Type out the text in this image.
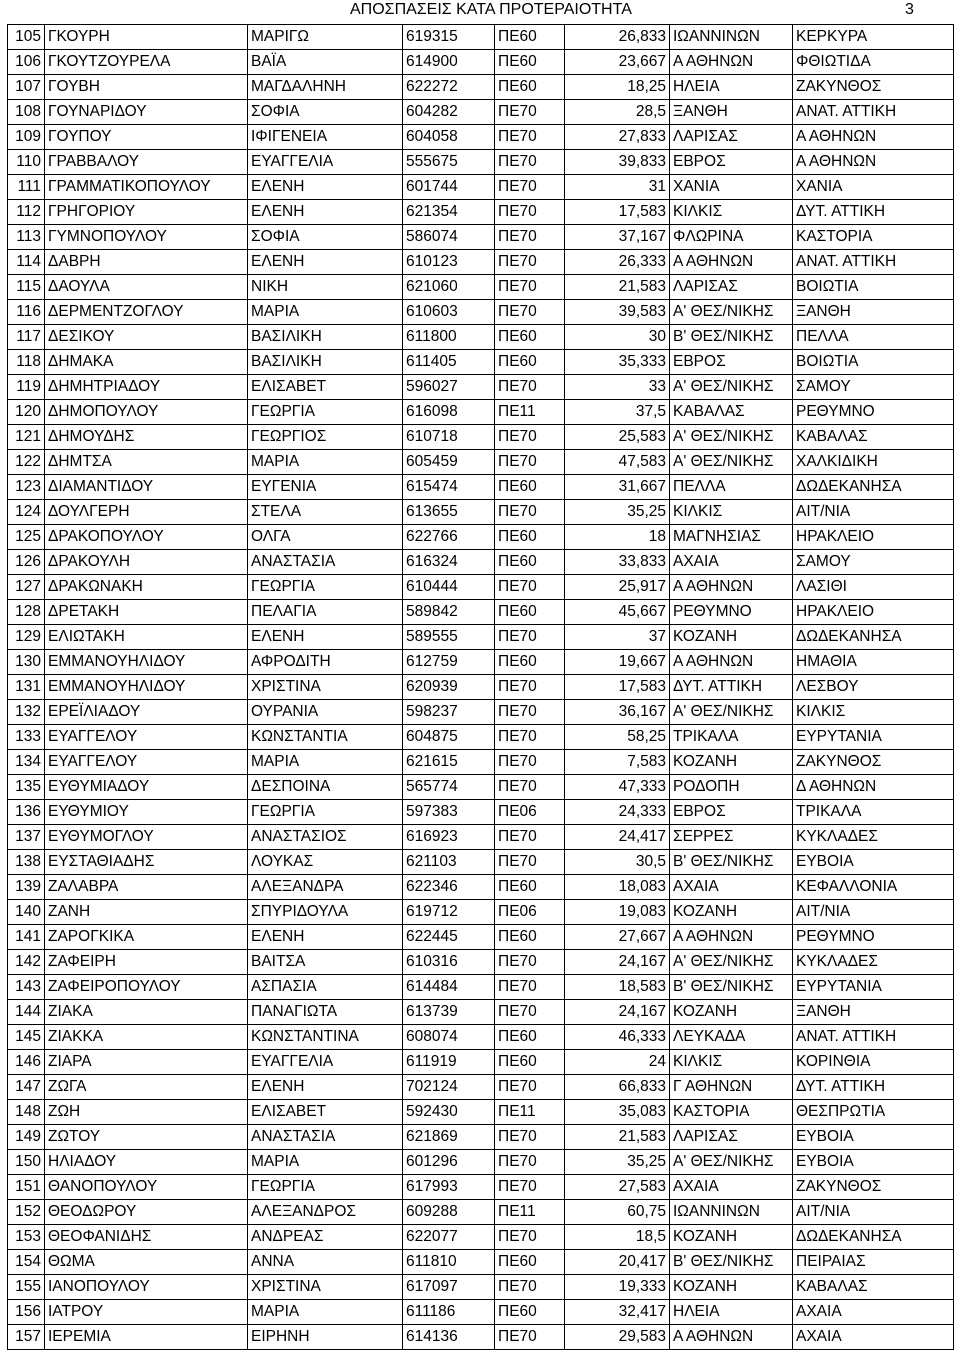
ΑΠΟΣΠΑΣΕΙΣ ΚΑΤΑ ΠΡΟΤΕΡΑΙΟΤΗΤΑ	3
105	ΓΚΟΥΡΗ	ΜΑΡΙΓΩ	619315	ΠΕ60	26,833	ΙΩΑΝΝΙΝΩΝ	ΚΕΡΚΥΡΑ
106	ΓΚΟΥΤΖΟΥΡΕΛΑ	ΒΑΪΑ	614900	ΠΕ60	23,667	Α ΑΘΗΝΩΝ	ΦΘΙΩΤΙΔΑ
107	ΓΟΥΒΗ	ΜΑΓΔΑΛΗΝΗ	622272	ΠΕ60	18,25	ΗΛΕΙΑ	ΖΑΚΥΝΘΟΣ
108	ΓΟΥΝΑΡΙΔΟΥ	ΣΟΦΙΑ	604282	ΠΕ70	28,5	ΞΑΝΘΗ	ΑΝΑΤ. ΑΤΤΙΚΗ
109	ΓΟΥΠΟΥ	ΙΦΙΓΕΝΕΙΑ	604058	ΠΕ70	27,833	ΛΑΡΙΣΑΣ	Α ΑΘΗΝΩΝ
110	ΓΡΑΒΒΑΛΟΥ	ΕΥΑΓΓΕΛΙΑ	555675	ΠΕ70	39,833	ΕΒΡΟΣ	Α ΑΘΗΝΩΝ
111	ΓΡΑΜΜΑΤΙΚΟΠΟΥΛΟΥ	ΕΛΕΝΗ	601744	ΠΕ70	31	ΧΑΝΙΑ	ΧΑΝΙΑ
112	ΓΡΗΓΟΡΙΟΥ	ΕΛΕΝΗ	621354	ΠΕ70	17,583	ΚΙΛΚΙΣ	ΔΥΤ. ΑΤΤΙΚΗ
113	ΓΥΜΝΟΠΟΥΛΟΥ	ΣΟΦΙΑ	586074	ΠΕ70	37,167	ΦΛΩΡΙΝΑ	ΚΑΣΤΟΡΙΑ
114	ΔΑΒΡΗ	ΕΛΕΝΗ	610123	ΠΕ70	26,333	Α ΑΘΗΝΩΝ	ΑΝΑΤ. ΑΤΤΙΚΗ
115	ΔΑΟΥΛΑ	ΝΙΚΗ	621060	ΠΕ70	21,583	ΛΑΡΙΣΑΣ	ΒΟΙΩΤΙΑ
116	ΔΕΡΜΕΝΤΖΟΓΛΟΥ	ΜΑΡΙΑ	610603	ΠΕ70	39,583	Α' ΘΕΣ/ΝΙΚΗΣ	ΞΑΝΘΗ
117	ΔΕΣΙΚΟΥ	ΒΑΣΙΛΙΚΗ	611800	ΠΕ60	30	Β' ΘΕΣ/ΝΙΚΗΣ	ΠΕΛΛΑ
118	ΔΗΜΑΚΑ	ΒΑΣΙΛΙΚΗ	611405	ΠΕ60	35,333	ΕΒΡΟΣ	ΒΟΙΩΤΙΑ
119	ΔΗΜΗΤΡΙΑΔΟΥ	ΕΛΙΣΑΒΕΤ	596027	ΠΕ70	33	Α' ΘΕΣ/ΝΙΚΗΣ	ΣΑΜΟΥ
120	ΔΗΜΟΠΟΥΛΟΥ	ΓΕΩΡΓΙΑ	616098	ΠΕ11	37,5	ΚΑΒΑΛΑΣ	ΡΕΘΥΜΝΟ
121	ΔΗΜΟΥΔΗΣ	ΓΕΩΡΓΙΟΣ	610718	ΠΕ70	25,583	Α' ΘΕΣ/ΝΙΚΗΣ	ΚΑΒΑΛΑΣ
122	ΔΗΜΤΣΑ	ΜΑΡΙΑ	605459	ΠΕ70	47,583	Α' ΘΕΣ/ΝΙΚΗΣ	ΧΑΛΚΙΔΙΚΗ
123	ΔΙΑΜΑΝΤΙΔΟΥ	ΕΥΓΕΝΙΑ	615474	ΠΕ60	31,667	ΠΕΛΛΑ	ΔΩΔΕΚΑΝΗΣΑ
124	ΔΟΥΛΓΕΡΗ	ΣΤΕΛΑ	613655	ΠΕ70	35,25	ΚΙΛΚΙΣ	ΑΙΤ/ΝΙΑ
125	ΔΡΑΚΟΠΟΥΛΟΥ	ΟΛΓΑ	622766	ΠΕ60	18	ΜΑΓΝΗΣΙΑΣ	ΗΡΑΚΛΕΙΟ
126	ΔΡΑΚΟΥΛΗ	ΑΝΑΣΤΑΣΙΑ	616324	ΠΕ60	33,833	ΑΧΑΙΑ	ΣΑΜΟΥ
127	ΔΡΑΚΩΝΑΚΗ	ΓΕΩΡΓΙΑ	610444	ΠΕ70	25,917	Α ΑΘΗΝΩΝ	ΛΑΣΙΘΙ
128	ΔΡΕΤΑΚΗ	ΠΕΛΑΓΙΑ	589842	ΠΕ60	45,667	ΡΕΘΥΜΝΟ	ΗΡΑΚΛΕΙΟ
129	ΕΛΙΩΤΑΚΗ	ΕΛΕΝΗ	589555	ΠΕ70	37	ΚΟΖΑΝΗ	ΔΩΔΕΚΑΝΗΣΑ
130	ΕΜΜΑΝΟΥΗΛΙΔΟΥ	ΑΦΡΟΔΙΤΗ	612759	ΠΕ60	19,667	Α ΑΘΗΝΩΝ	ΗΜΑΘΙΑ
131	ΕΜΜΑΝΟΥΗΛΙΔΟΥ	ΧΡΙΣΤΙΝΑ	620939	ΠΕ70	17,583	ΔΥΤ. ΑΤΤΙΚΗ	ΛΕΣΒΟΥ
132	ΕΡΕΪΛΙΑΔΟΥ	ΟΥΡΑΝΙΑ	598237	ΠΕ70	36,167	Α' ΘΕΣ/ΝΙΚΗΣ	ΚΙΛΚΙΣ
133	ΕΥΑΓΓΕΛΟΥ	ΚΩΝΣΤΑΝΤΙΑ	604875	ΠΕ70	58,25	ΤΡΙΚΑΛΑ	ΕΥΡΥΤΑΝΙΑ
134	ΕΥΑΓΓΕΛΟΥ	ΜΑΡΙΑ	621615	ΠΕ70	7,583	ΚΟΖΑΝΗ	ΖΑΚΥΝΘΟΣ
135	ΕΥΘΥΜΙΑΔΟΥ	ΔΕΣΠΟΙΝΑ	565774	ΠΕ70	47,333	ΡΟΔΟΠΗ	Δ ΑΘΗΝΩΝ
136	ΕΥΘΥΜΙΟΥ	ΓΕΩΡΓΙΑ	597383	ΠΕ06	24,333	ΕΒΡΟΣ	ΤΡΙΚΑΛΑ
137	ΕΥΘΥΜΟΓΛΟΥ	ΑΝΑΣΤΑΣΙΟΣ	616923	ΠΕ70	24,417	ΣΕΡΡΕΣ	ΚΥΚΛΑΔΕΣ
138	ΕΥΣΤΑΘΙΑΔΗΣ	ΛΟΥΚΑΣ	621103	ΠΕ70	30,5	Β' ΘΕΣ/ΝΙΚΗΣ	ΕΥΒΟΙΑ
139	ΖΑΛΑΒΡΑ	ΑΛΕΞΑΝΔΡΑ	622346	ΠΕ60	18,083	ΑΧΑΙΑ	ΚΕΦΑΛΛΟΝΙΑ
140	ΖΑΝΗ	ΣΠΥΡΙΔΟΥΛΑ	619712	ΠΕ06	19,083	ΚΟΖΑΝΗ	ΑΙΤ/ΝΙΑ
141	ΖΑΡΟΓΚΙΚΑ	ΕΛΕΝΗ	622445	ΠΕ60	27,667	Α ΑΘΗΝΩΝ	ΡΕΘΥΜΝΟ
142	ΖΑΦΕΙΡΗ	ΒΑΙΤΣΑ	610316	ΠΕ70	24,167	Α' ΘΕΣ/ΝΙΚΗΣ	ΚΥΚΛΑΔΕΣ
143	ΖΑΦΕΙΡΟΠΟΥΛΟΥ	ΑΣΠΑΣΙΑ	614484	ΠΕ70	18,583	Β' ΘΕΣ/ΝΙΚΗΣ	ΕΥΡΥΤΑΝΙΑ
144	ΖΙΑΚΑ	ΠΑΝΑΓΙΩΤΑ	613739	ΠΕ70	24,167	ΚΟΖΑΝΗ	ΞΑΝΘΗ
145	ΖΙΑΚΚΑ	ΚΩΝΣΤΑΝΤΙΝΑ	608074	ΠΕ60	46,333	ΛΕΥΚΑΔΑ	ΑΝΑΤ. ΑΤΤΙΚΗ
146	ΖΙΑΡΑ	ΕΥΑΓΓΕΛΙΑ	611919	ΠΕ60	24	ΚΙΛΚΙΣ	ΚΟΡΙΝΘΙΑ
147	ΖΩΓΑ	ΕΛΕΝΗ	702124	ΠΕ70	66,833	Γ ΑΘΗΝΩΝ	ΔΥΤ. ΑΤΤΙΚΗ
148	ΖΩΗ	ΕΛΙΣΑΒΕΤ	592430	ΠΕ11	35,083	ΚΑΣΤΟΡΙΑ	ΘΕΣΠΡΩΤΙΑ
149	ΖΩΤΟΥ	ΑΝΑΣΤΑΣΙΑ	621869	ΠΕ70	21,583	ΛΑΡΙΣΑΣ	ΕΥΒΟΙΑ
150	ΗΛΙΑΔΟΥ	ΜΑΡΙΑ	601296	ΠΕ70	35,25	Α' ΘΕΣ/ΝΙΚΗΣ	ΕΥΒΟΙΑ
151	ΘΑΝΟΠΟΥΛΟΥ	ΓΕΩΡΓΙΑ	617993	ΠΕ70	27,583	ΑΧΑΙΑ	ΖΑΚΥΝΘΟΣ
152	ΘΕΟΔΩΡΟΥ	ΑΛΕΞΑΝΔΡΟΣ	609288	ΠΕ11	60,75	ΙΩΑΝΝΙΝΩΝ	ΑΙΤ/ΝΙΑ
153	ΘΕΟΦΑΝΙΔΗΣ	ΑΝΔΡΕΑΣ	622077	ΠΕ70	18,5	ΚΟΖΑΝΗ	ΔΩΔΕΚΑΝΗΣΑ
154	ΘΩΜΑ	ΑΝΝΑ	611810	ΠΕ60	20,417	Β' ΘΕΣ/ΝΙΚΗΣ	ΠΕΙΡΑΙΑΣ
155	ΙΑΝΟΠΟΥΛΟΥ	ΧΡΙΣΤΙΝΑ	617097	ΠΕ70	19,333	ΚΟΖΑΝΗ	ΚΑΒΑΛΑΣ
156	ΙΑΤΡΟΥ	ΜΑΡΙΑ	611186	ΠΕ60	32,417	ΗΛΕΙΑ	ΑΧΑΙΑ
157	ΙΕΡΕΜΙΑ	ΕΙΡΗΝΗ	614136	ΠΕ70	29,583	Α ΑΘΗΝΩΝ	ΑΧΑΙΑ
